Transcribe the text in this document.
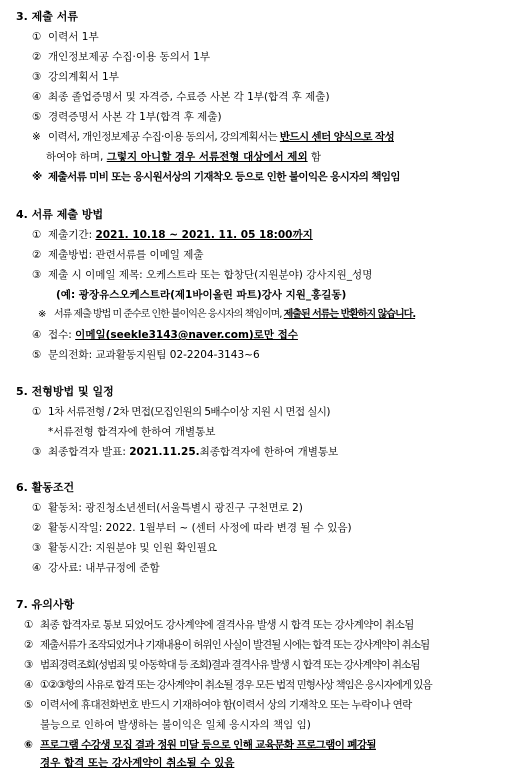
3. 제출 서류
① 이력서 1부
② 개인정보제공 수집·이용 동의서 1부
③ 강의계획서 1부
④ 최종 졸업증명서 및 자격증, 수료증 사본 각 1부(합격 후 제출)
⑤ 경력증명서 사본 각 1부(합격 후 제출)
※ 이력서, 개인정보제공 수집·이용 동의서, 강의계획서는 반드시 센터 양식으로 작성
하여야 하며, 그렇지 아니할 경우 서류전형 대상에서 제외 함
※ 제출서류 미비 또는 응시원서상의 기재착오 등으로 인한 불이익은 응시자의 책임임
4. 서류 제출 방법
① 제출기간: 2021. 10.18 ~ 2021. 11. 05 18:00까지
② 제출방법: 관련서류를 이메일 제출
③ 제출 시 이메일 제목: 오케스트라 또는 합창단(지원분야) 강사지원_성명
(예: 광장유스오케스트라(제1바이올린 파트)강사 지원_홍길동)
※ 서류 제출 방법 미 준수로 인한 불이익은 응시자의 책임이며, 제출된 서류는 반환하지 않습니다.
④ 접수: 이메일(seekle3143@naver.com)로만 접수
⑤ 문의전화: 교과활동지원팀 02-2204-3143~6
5. 전형방법 및 일정
① 1차 서류전형 / 2차 면접(모집인원의 5배수이상 지원 시 면접 실시)
*서류전형 합격자에 한하여 개별통보
③ 최종합격자 발표: 2021.11.25.최종합격자에 한하여 개별통보
6. 활동조건
① 활동처: 광진청소년센터(서울특별시 광진구 구천면로 2)
② 활동시작일: 2022. 1월부터 ~ (센터 사정에 따라 변경 될 수 있음)
③ 활동시간: 지원분야 및 인원 확인필요
④ 강사료: 내부규정에 준함
7. 유의사항
① 최종 합격자로 통보 되었어도 강사계약에 결격사유 발생 시 합격 또는 강사계약이 취소됨
② 제출서류가 조작되었거나 기재내용이 허위인 사실이 발견될 시에는 합격 또는 강사계약이 취소됨
③ 범죄경력조회(성범죄 및 아동학대 등 조회)결과 결격사유 발생 시 합격 또는 강사계약이 취소됨
④ ①②③항의 사유로 합격 또는 강사계약이 취소될 경우 모든 법적 민형사상 책임은 응시자에게 있음
⑤ 이력서에 휴대전화번호 반드시 기재하여야 함(이력서 상의 기재착오 또는 누락이나 연락
불능으로 인하여 발생하는 불이익은 일체 응시자의 책임 임)
⑥ 프로그램 수강생 모집 결과 정원 미달 등으로 인해 교육문화 프로그램이 폐강될
경우 합격 또는 강사계약이 취소될 수 있음
